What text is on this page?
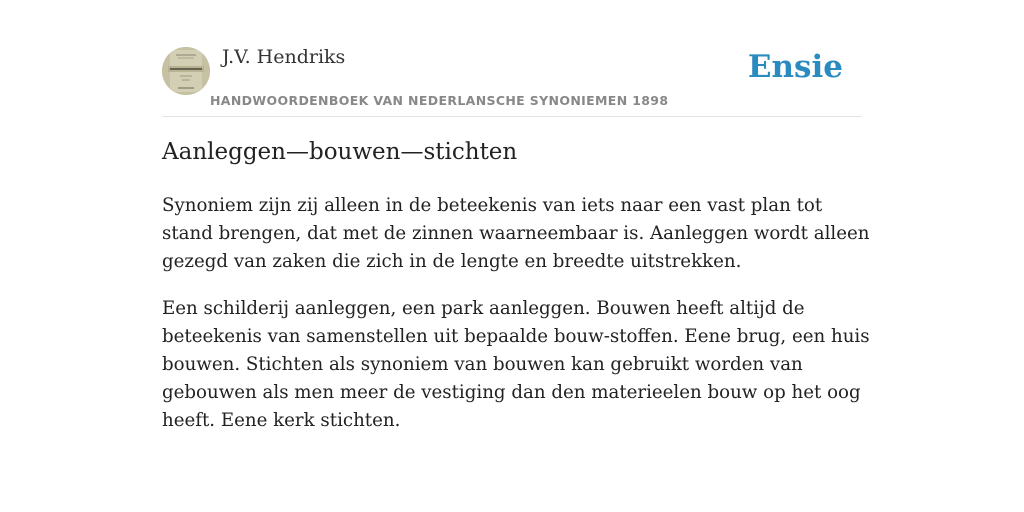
J.V. Hendriks
HANDWOORDENBOEK VAN NEDERLANSCHE SYNONIEMEN 1898
Ensie
Aanleggen—bouwen—stichten

Synoniem zijn zij alleen in de beteekenis van iets naar een vast plan tot stand brengen, dat met de zinnen waarneembaar is. Aanleggen wordt alleen gezegd van zaken die zich in de lengte en breedte uitstrekken.

Een schilderij aanleggen, een park aanleggen. Bouwen heeft altijd de beteekenis van samenstellen uit bepaalde bouw-stoffen. Eene brug, een huis bouwen. Stichten als synoniem van bouwen kan gebruikt worden van gebouwen als men meer de vestiging dan den materieelen bouw op het oog heeft. Eene kerk stichten.
